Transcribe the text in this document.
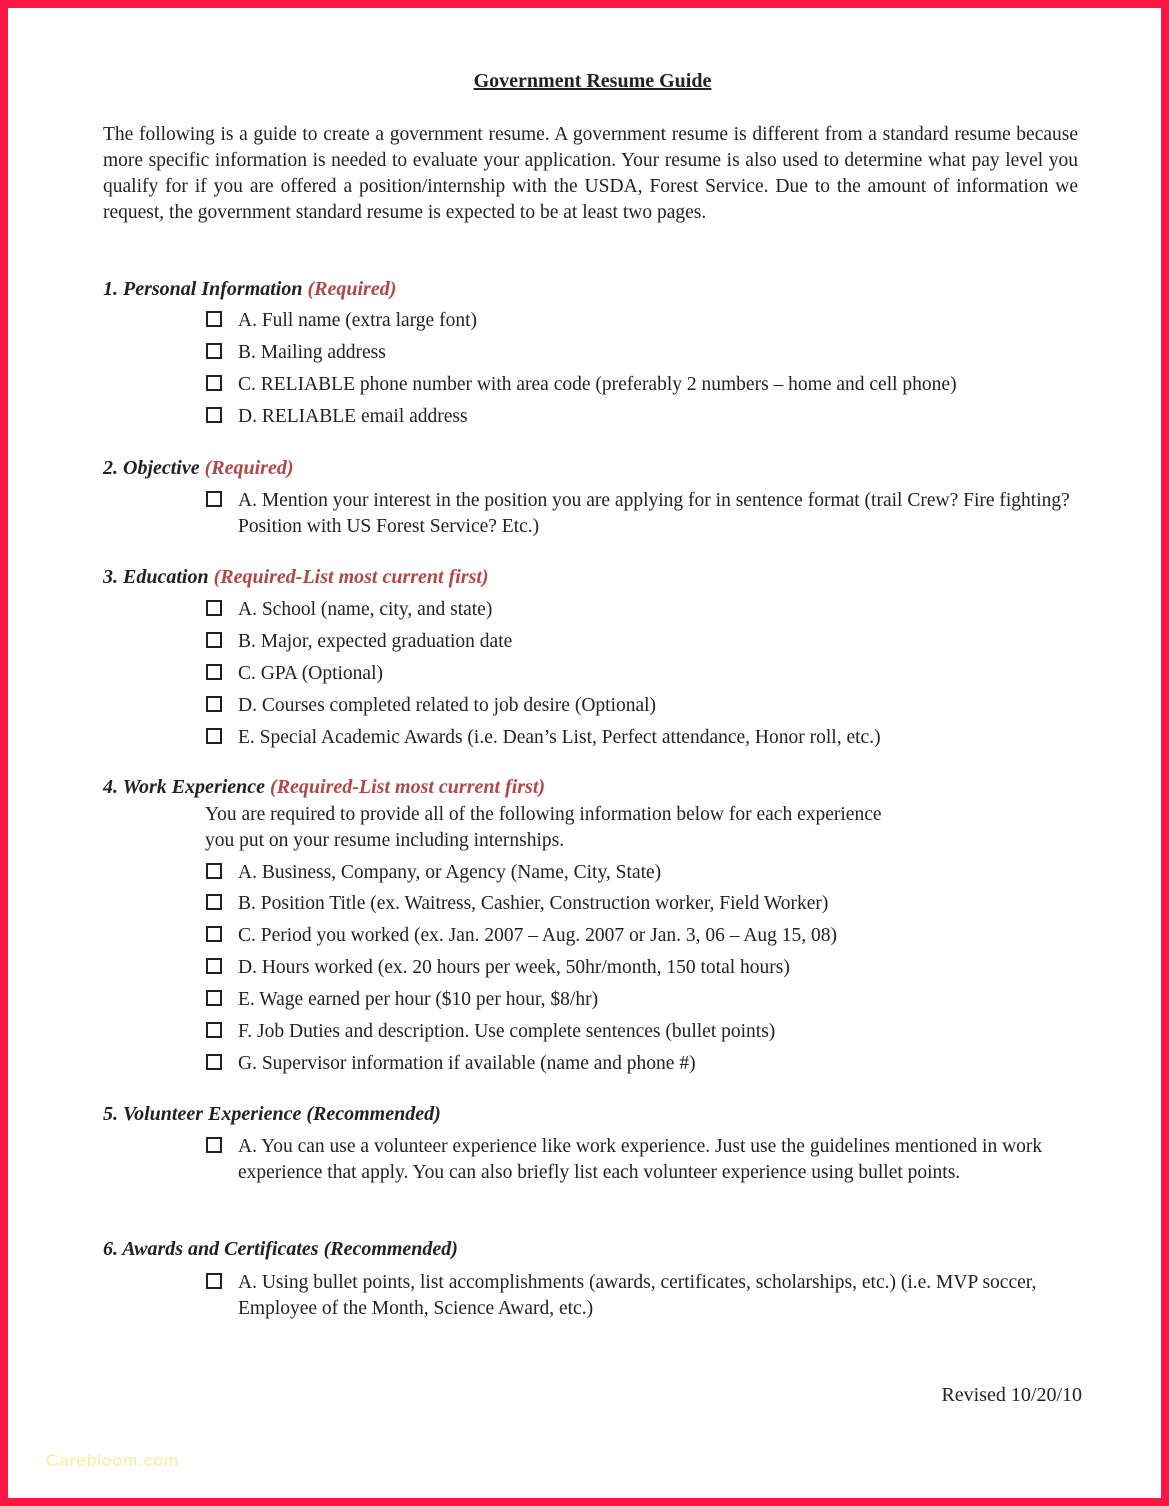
Government Resume Guide
The following is a guide to create a government resume. A government resume is different from a standard resume because more specific information is needed to evaluate your application. Your resume is also used to determine what pay level you qualify for if you are offered a position/internship with the USDA, Forest Service. Due to the amount of information we request, the government standard resume is expected to be at least two pages.
1. Personal Information (Required)
A. Full name (extra large font)
B. Mailing address
C. RELIABLE phone number with area code (preferably 2 numbers – home and cell phone)
D. RELIABLE email address
2. Objective (Required)
A. Mention your interest in the position you are applying for in sentence format (trail Crew? Fire fighting? Position with US Forest Service? Etc.)
3. Education (Required-List most current first)
A. School (name, city, and state)
B. Major, expected graduation date
C. GPA (Optional)
D. Courses completed related to job desire (Optional)
E. Special Academic Awards (i.e. Dean’s List, Perfect attendance, Honor roll, etc.)
4. Work Experience (Required-List most current first)
You are required to provide all of the following information below for each experience you put on your resume including internships.
A. Business, Company, or Agency (Name, City, State)
B. Position Title (ex. Waitress, Cashier, Construction worker, Field Worker)
C. Period you worked (ex. Jan. 2007 – Aug. 2007 or Jan. 3, 06 – Aug 15, 08)
D. Hours worked (ex. 20 hours per week, 50hr/month, 150 total hours)
E. Wage earned per hour ($10 per hour, $8/hr)
F. Job Duties and description. Use complete sentences (bullet points)
G. Supervisor information if available (name and phone #)
5. Volunteer Experience (Recommended)
A. You can use a volunteer experience like work experience. Just use the guidelines mentioned in work experience that apply. You can also briefly list each volunteer experience using bullet points.
6. Awards and Certificates (Recommended)
A. Using bullet points, list accomplishments (awards, certificates, scholarships, etc.) (i.e. MVP soccer, Employee of the Month, Science Award, etc.)
Revised 10/20/10
Carebloom.com
